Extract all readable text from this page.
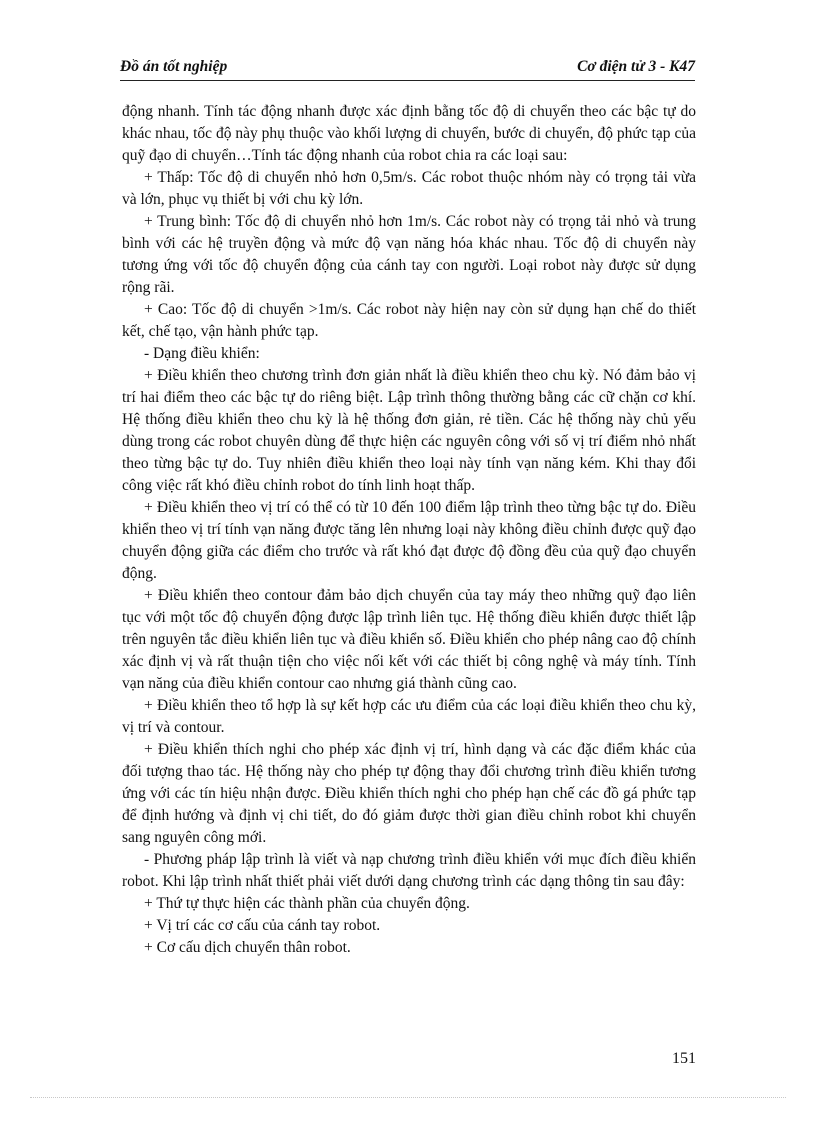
Đồ án tốt nghiệp	Cơ điện tử 3 - K47

động nhanh. Tính tác động nhanh được xác định bằng tốc độ di chuyển theo các bậc tự do khác nhau, tốc độ này phụ thuộc vào khối lượng di chuyển, bước di chuyển, độ phức tạp của quỹ đạo di chuyển…Tính tác động nhanh của robot chia ra các loại sau:

+ Thấp: Tốc độ di chuyển nhỏ hơn 0,5m/s. Các robot thuộc nhóm này có trọng tải vừa và lớn, phục vụ thiết bị với chu kỳ lớn.

+ Trung bình: Tốc độ di chuyển nhỏ hơn 1m/s. Các robot này có trọng tải nhỏ và trung bình với các hệ truyền động và mức độ vạn năng hóa khác nhau. Tốc độ di chuyển này tương ứng với tốc độ chuyển động của cánh tay con người. Loại robot này được sử dụng rộng rãi.

+ Cao: Tốc độ di chuyển >1m/s. Các robot này hiện nay còn sử dụng hạn chế do thiết kết, chế tạo, vận hành phức tạp.

- Dạng điều khiển:

+ Điều khiển theo chương trình đơn giản nhất là điều khiển theo chu kỳ. Nó đảm bảo vị trí hai điểm theo các bậc tự do riêng biệt. Lập trình thông thường bằng các cữ chặn cơ khí. Hệ thống điều khiển theo chu kỳ là hệ thống đơn giản, rẻ tiền. Các hệ thống này chủ yếu dùng trong các robot chuyên dùng để thực hiện các nguyên công với số vị trí điểm nhỏ nhất theo từng bậc tự do. Tuy nhiên điều khiển theo loại này tính vạn năng kém. Khi thay đổi công việc rất khó điều chỉnh robot do tính linh hoạt thấp.

+ Điều khiển theo vị trí có thể có từ 10 đến 100 điểm lập trình theo từng bậc tự do. Điều khiển theo vị trí tính vạn năng được tăng lên nhưng loại này không điều chỉnh được quỹ đạo chuyển động giữa các điểm cho trước và rất khó đạt được độ đồng đều của quỹ đạo chuyển động.

+ Điều khiển theo contour đảm bảo dịch chuyển của tay máy theo những quỹ đạo liên tục với một tốc độ chuyển động được lập trình liên tục. Hệ thống điều khiển được thiết lập trên nguyên tắc điều khiển liên tục và điều khiển số. Điều khiển cho phép nâng cao độ chính xác định vị và rất thuận tiện cho việc nối kết với các thiết bị công nghệ và máy tính. Tính vạn năng của điều khiển contour cao nhưng giá thành cũng cao.

+ Điều khiển theo tổ hợp là sự kết hợp các ưu điểm của các loại điều khiển theo chu kỳ, vị trí và contour.

+ Điều khiển thích nghi cho phép xác định vị trí, hình dạng và các đặc điểm khác của đối tượng thao tác. Hệ thống này cho phép tự động thay đổi chương trình điều khiển tương ứng với các tín hiệu nhận được. Điều khiển thích nghi cho phép hạn chế các đồ gá phức tạp để định hướng và định vị chi tiết, do đó giảm được thời gian điều chỉnh robot khi chuyển sang nguyên công mới.

- Phương pháp lập trình là viết và nạp chương trình điều khiển với mục đích điều khiển robot. Khi lập trình nhất thiết phải viết dưới dạng chương trình các dạng thông tin sau đây:

+ Thứ tự thực hiện các thành phần của chuyển động.

+ Vị trí các cơ cấu của cánh tay robot.

+ Cơ cấu dịch chuyển thân robot.

151
